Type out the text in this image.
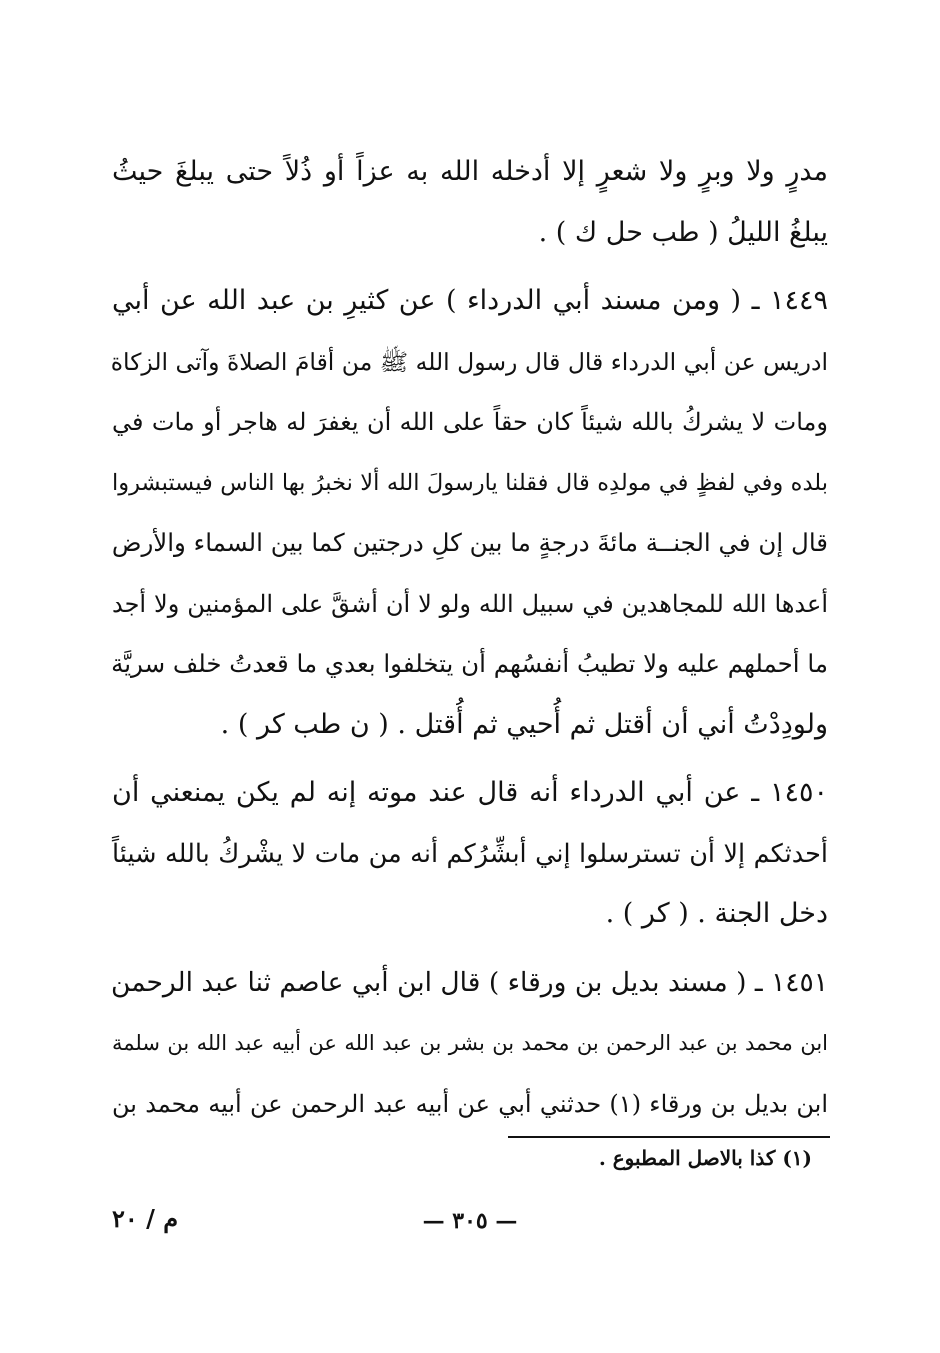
مدرٍ ولا وبرٍ ولا شعرٍ إلا أدخله الله به عزاً أو ذُلاً حتى يبلغَ حيثُ
يبلغُ الليلُ ( طب حل ك ) .
١٤٤٩ ـ ( ومن مسند أبي الدرداء ) عن كثيرِ بن عبد الله عن أبي
ادريس عن أبي الدرداء قال قال رسول الله ﷺ من أقامَ الصلاةَ وآتى الزكاة
ومات لا يشركُ بالله شيئاً كان حقاً على الله أن يغفرَ له هاجر أو مات في
بلده وفي لفظٍ في مولدِه قال فقلنا يارسولَ الله ألا نخبرُ بها الناس فيستبشروا
قال إن في الجنــة مائةَ درجةٍ ما بين كلِ درجتين كما بين السماء والأرض
أعدها الله للمجاهدين في سبيل الله ولو لا أن أشقَّ على المؤمنين ولا أجد
ما أحملهم عليه ولا تطيبُ أنفسُهم أن يتخلفوا بعدي ما قعدتُ خلف سريَّة
ولودِدْتُ أني أن أقتل ثم أُحيي ثم أُقتل . ( ن طب كر ) .
١٤٥٠ ـ عن أبي الدرداء أنه قال عند موته إنه لم يكن يمنعني أن
أحدثكم إلا أن تسترسلوا إني أبشِّرُكم أنه من مات لا يشْركُ بالله شيئاً
دخل الجنة . ( كر ) .
١٤٥١ ـ ( مسند بديل بن ورقاء ) قال ابن أبي عاصم ثنا عبد الرحمن
ابن محمد بن عبد الرحمن بن محمد بن بشر بن عبد الله عن أبيه عبد الله بن سلمة
ابن بديل بن ورقاء (١) حدثني أبي عن أبيه عبد الرحمن عن أبيه محمد بن
(١) كذا بالاصل المطبوع .
— ٣٠٥ —
م / ٢٠
